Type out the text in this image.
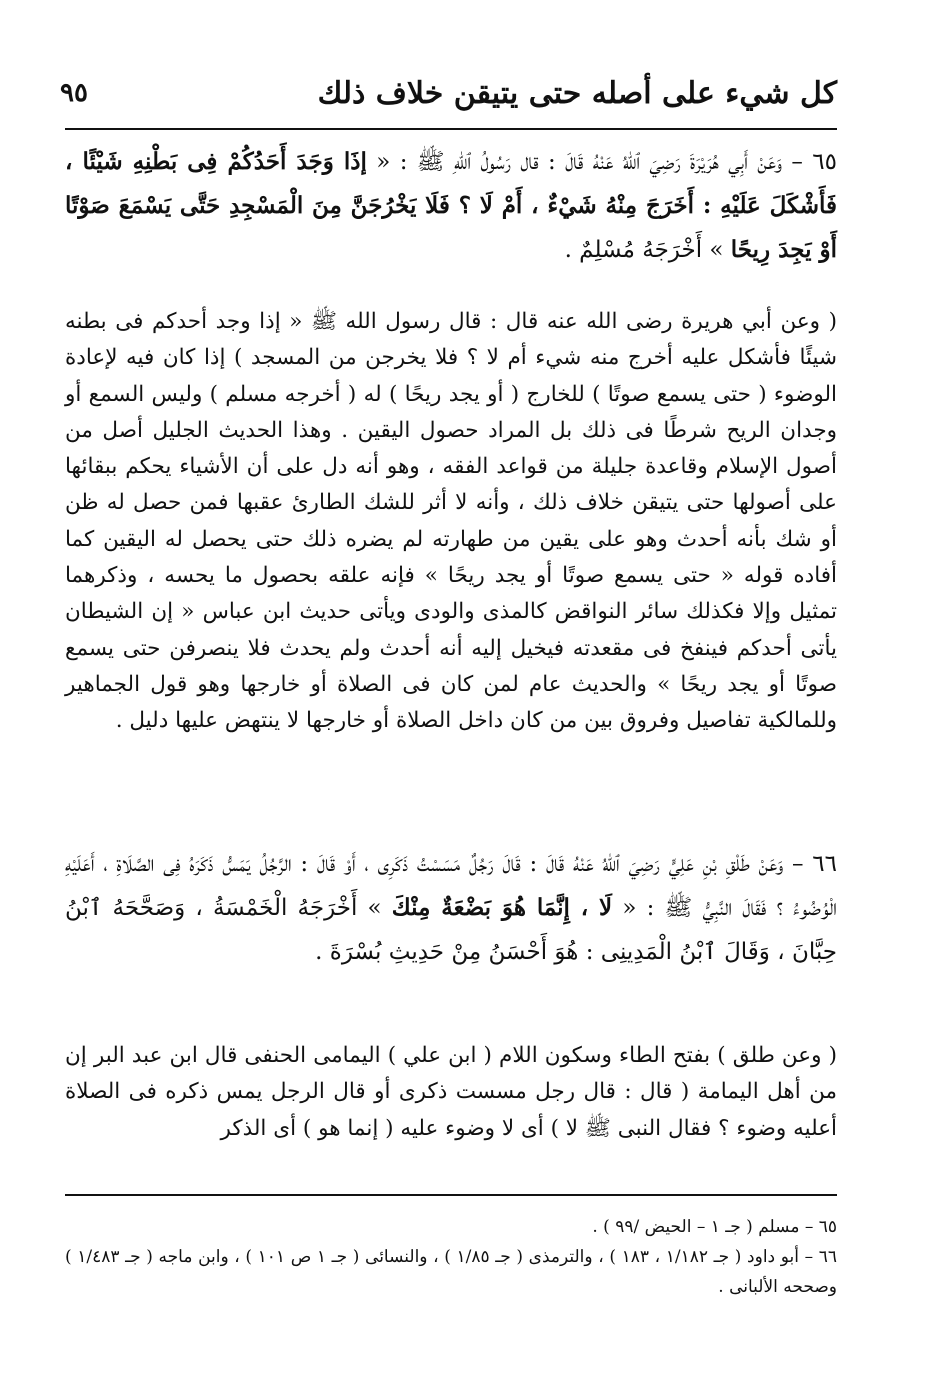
كل شيء على أصله حتى يتيقن خلاف ذلك
٩٥

٦٥ – وَعَنْ أَبِي هُرَيْرَةَ رَضِيَ ٱللهُ عَنْهُ قَالَ : قال رَسُولُ ٱللهِ ﷺ : « إذَا وَجَدَ أَحَدُكُمْ فِى بَطْنِهِ شَيْئًا ، فَأَشْكَلَ عَلَيْهِ : أَخَرَجَ مِنْهُ شَيْءٌ ، أَمْ لَا ؟ فَلَا يَخْرُجَنَّ مِنَ الْمَسْجِدِ حَتَّى يَسْمَعَ صَوْتًا أَوْ يَجِدَ رِيحًا » أَخْرَجَهُ مُسْلِمٌ .

( وعن أبي هريرة رضى الله عنه قال : قال رسول الله ﷺ « إذا وجد أحدكم فى بطنه شيئًا فأشكل عليه أخرج منه شيء أم لا ؟ فلا يخرجن من المسجد ) إذا كان فيه لإعادة الوضوء ( حتى يسمع صوتًا ) للخارج ( أو يجد ريحًا ) له ( أخرجه مسلم ) وليس السمع أو وجدان الريح شرطًا فى ذلك بل المراد حصول اليقين . وهذا الحديث الجليل أصل من أصول الإسلام وقاعدة جليلة من قواعد الفقه ، وهو أنه دل على أن الأشياء يحكم ببقائها على أصولها حتى يتيقن خلاف ذلك ، وأنه لا أثر للشك الطارئ عقبها فمن حصل له ظن أو شك بأنه أحدث وهو على يقين من طهارته لم يضره ذلك حتى يحصل له اليقين كما أفاده قوله « حتى يسمع صوتًا أو يجد ريحًا » فإنه علقه بحصول ما يحسه ، وذكرهما تمثيل وإلا فكذلك سائر النواقض كالمذى والودى ويأتى حديث ابن عباس « إن الشيطان يأتى أحدكم فينفخ فى مقعدته فيخيل إليه أنه أحدث ولم يحدث فلا ينصرفن حتى يسمع صوتًا أو يجد ريحًا » والحديث عام لمن كان فى الصلاة أو خارجها وهو قول الجماهير وللمالكية تفاصيل وفروق بين من كان داخل الصلاة أو خارجها لا ينتهض عليها دليل .

٦٦ – وَعَنْ طَلْقِ بْنِ عَلِيٍّ رَضِيَ ٱللهُ عَنْهُ قَالَ : قَالَ رَجُلٌ مَسَسْتُ ذَكَرِى ، أَوْ قَالَ : الرَّجُلُ يَمَسُّ ذَكَرَهُ فِى الصَّلَاةِ ، أَعَلَيْهِ الْوُضُوءُ ؟ فَقَالَ النَّبِيُّ ﷺ : « لَا ، إِنَّمَا هُوَ بَضْعَةٌ مِنْكَ » أَخْرَجَهُ الْخَمْسَةُ ، وَصَحَّحَهُ ٱبْنُ حِبَّانَ ، وَقَالَ ٱبْنُ الْمَدِينِى : هُوَ أَحْسَنُ مِنْ حَدِيثِ بُسْرَةَ .

( وعن طلق ) بفتح الطاء وسكون اللام ( ابن علي ) اليمامى الحنفى قال ابن عبد البر إن من أهل اليمامة ( قال : قال رجل مسست ذكرى أو قال الرجل يمس ذكره فى الصلاة أعليه وضوء ؟ فقال النبى ﷺ لا ) أى لا وضوء عليه ( إنما هو ) أى الذكر

٦٥ – مسلم ( جـ ١ – الحيض /٩٩ ) .

٦٦ – أبو داود ( جـ ١/١٨٢ ، ١٨٣ ) ، والترمذى ( جـ ١/٨٥ ) ، والنسائى ( جـ ١ ص ١٠١ ) ، وابن ماجه ( جـ ١/٤٨٣ ) وصححه الألبانى .
